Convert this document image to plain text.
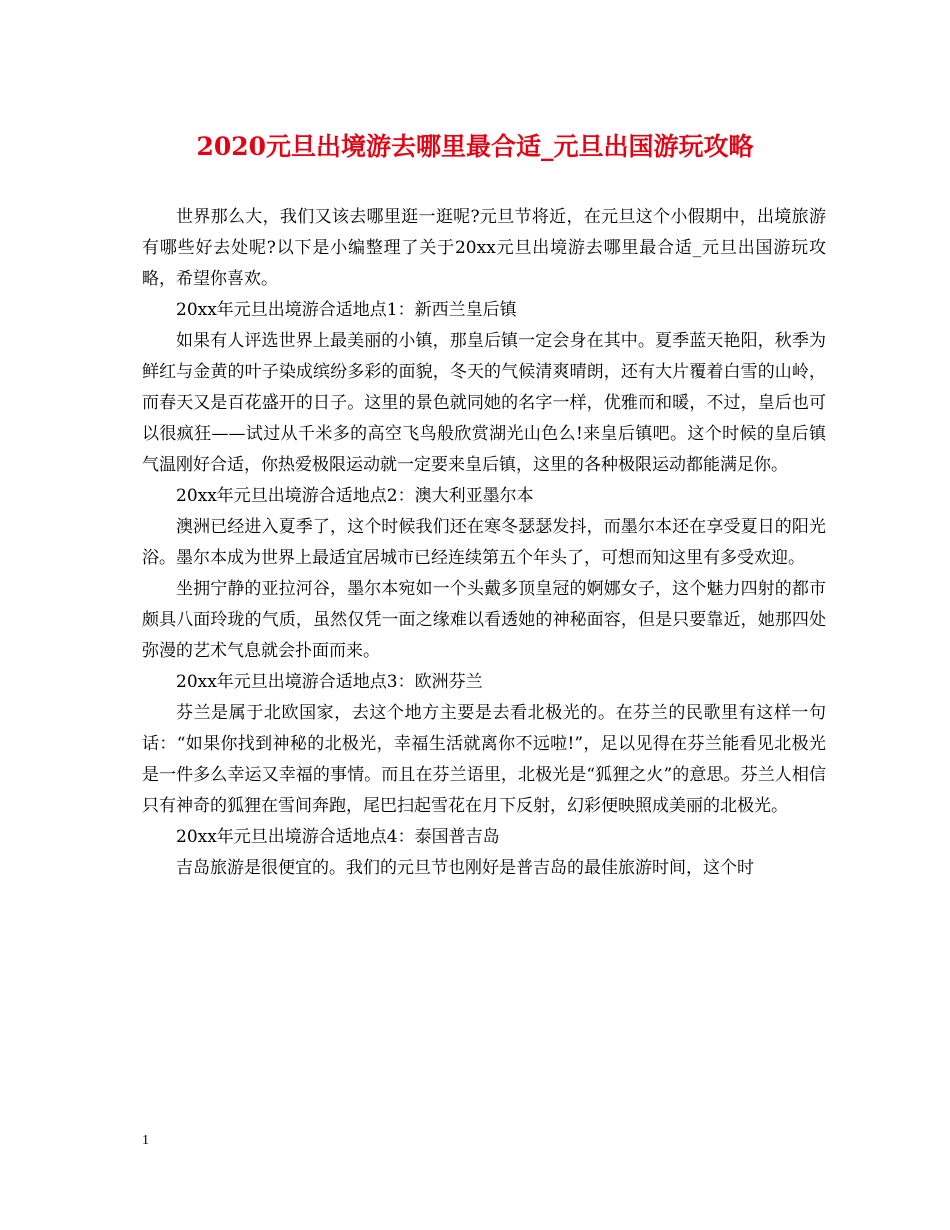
2020元旦出境游去哪里最合适_元旦出国游玩攻略

世界那么大，我们又该去哪里逛一逛呢?元旦节将近，在元旦这个小假期中，出境旅游有哪些好去处呢?以下是小编整理了关于20xx元旦出境游去哪里最合适_元旦出国游玩攻略，希望你喜欢。

20xx年元旦出境游合适地点1：新西兰皇后镇

如果有人评选世界上最美丽的小镇，那皇后镇一定会身在其中。夏季蓝天艳阳，秋季为鲜红与金黄的叶子染成缤纷多彩的面貌，冬天的气候清爽晴朗，还有大片覆着白雪的山岭，而春天又是百花盛开的日子。这里的景色就同她的名字一样，优雅而和暖，不过，皇后也可以很疯狂——试过从千米多的高空飞鸟般欣赏湖光山色么!来皇后镇吧。这个时候的皇后镇气温刚好合适，你热爱极限运动就一定要来皇后镇，这里的各种极限运动都能满足你。

20xx年元旦出境游合适地点2：澳大利亚墨尔本

澳洲已经进入夏季了，这个时候我们还在寒冬瑟瑟发抖，而墨尔本还在享受夏日的阳光浴。墨尔本成为世界上最适宜居城市已经连续第五个年头了，可想而知这里有多受欢迎。

坐拥宁静的亚拉河谷，墨尔本宛如一个头戴多顶皇冠的婀娜女子，这个魅力四射的都市颇具八面玲珑的气质，虽然仅凭一面之缘难以看透她的神秘面容，但是只要靠近，她那四处弥漫的艺术气息就会扑面而来。

20xx年元旦出境游合适地点3：欧洲芬兰

芬兰是属于北欧国家，去这个地方主要是去看北极光的。在芬兰的民歌里有这样一句话：“如果你找到神秘的北极光，幸福生活就离你不远啦!”，足以见得在芬兰能看见北极光是一件多么幸运又幸福的事情。而且在芬兰语里，北极光是“狐狸之火”的意思。芬兰人相信只有神奇的狐狸在雪间奔跑，尾巴扫起雪花在月下反射，幻彩便映照成美丽的北极光。

20xx年元旦出境游合适地点4：泰国普吉岛

吉岛旅游是很便宜的。我们的元旦节也刚好是普吉岛的最佳旅游时间，这个时

1
